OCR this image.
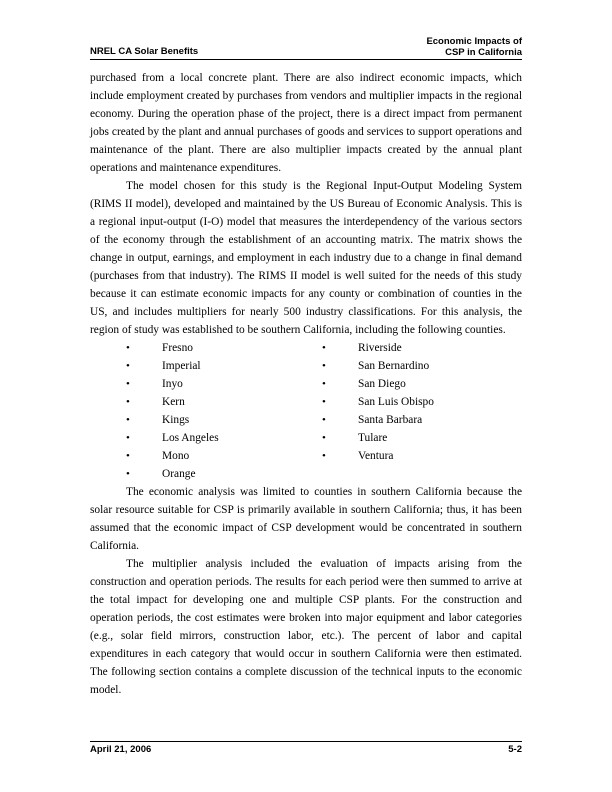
NREL CA Solar Benefits
Economic Impacts of
CSP in California

purchased from a local concrete plant. There are also indirect economic impacts, which include employment created by purchases from vendors and multiplier impacts in the regional economy. During the operation phase of the project, there is a direct impact from permanent jobs created by the plant and annual purchases of goods and services to support operations and maintenance of the plant. There are also multiplier impacts created by the annual plant operations and maintenance expenditures.

The model chosen for this study is the Regional Input-Output Modeling System (RIMS II model), developed and maintained by the US Bureau of Economic Analysis. This is a regional input-output (I-O) model that measures the interdependency of the various sectors of the economy through the establishment of an accounting matrix. The matrix shows the change in output, earnings, and employment in each industry due to a change in final demand (purchases from that industry). The RIMS II model is well suited for the needs of this study because it can estimate economic impacts for any county or combination of counties in the US, and includes multipliers for nearly 500 industry classifications. For this analysis, the region of study was established to be southern California, including the following counties.

•	Fresno
•	Imperial
•	Inyo
•	Kern
•	Kings
•	Los Angeles
•	Mono
•	Orange
•	Riverside
•	San Bernardino
•	San Diego
•	San Luis Obispo
•	Santa Barbara
•	Tulare
•	Ventura

The economic analysis was limited to counties in southern California because the solar resource suitable for CSP is primarily available in southern California; thus, it has been assumed that the economic impact of CSP development would be concentrated in southern California.

The multiplier analysis included the evaluation of impacts arising from the construction and operation periods. The results for each period were then summed to arrive at the total impact for developing one and multiple CSP plants. For the construction and operation periods, the cost estimates were broken into major equipment and labor categories (e.g., solar field mirrors, construction labor, etc.). The percent of labor and capital expenditures in each category that would occur in southern California were then estimated. The following section contains a complete discussion of the technical inputs to the economic model.

April 21, 2006	5-2
